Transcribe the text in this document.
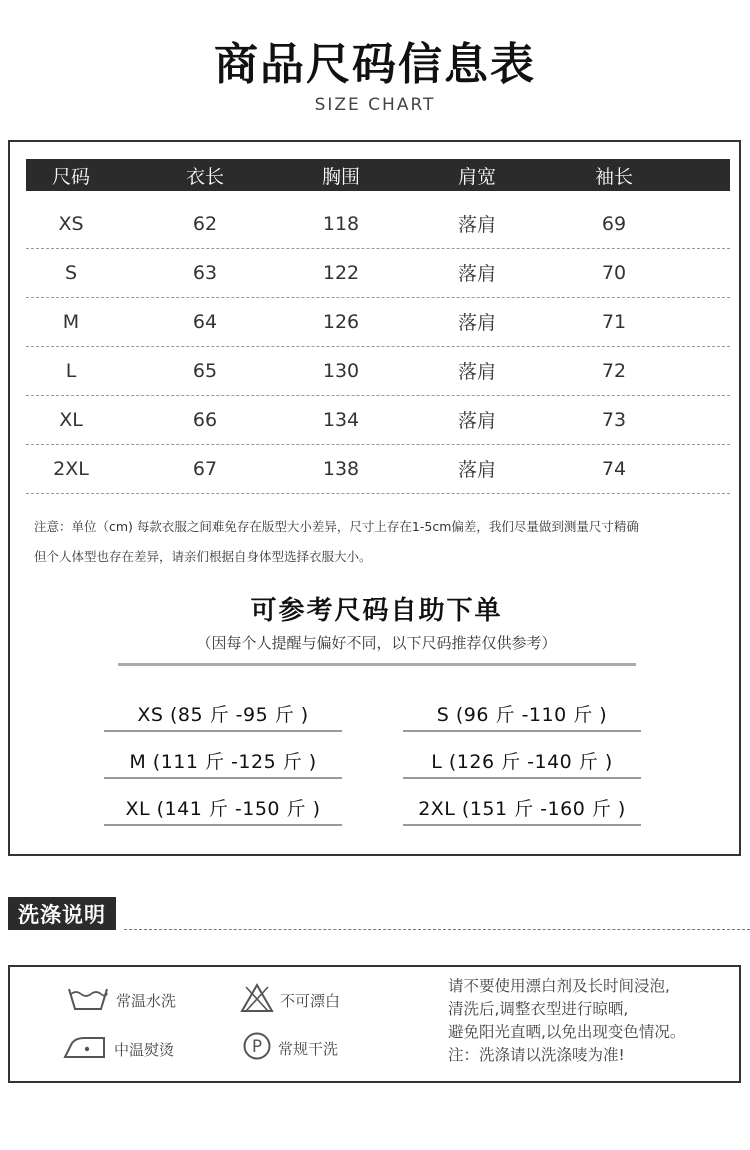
商品尺码信息表
SIZE CHART
尺码	衣长	胸围	肩宽	袖长
XS	62	118	落肩	69
S	63	122	落肩	70
M	64	126	落肩	71
L	65	130	落肩	72
XL	66	134	落肩	73
2XL	67	138	落肩	74
注意：单位（cm) 每款衣服之间难免存在版型大小差异，尺寸上存在1-5cm偏差，我们尽量做到测量尺寸精确
但个人体型也存在差异，请亲们根据自身体型选择衣服大小。
可参考尺码自助下单
（因每个人提醒与偏好不同，以下尺码推荐仅供参考）
XS (85 斤 -95 斤 )	S (96 斤 -110 斤 )
M (111 斤 -125 斤 )	L (126 斤 -140 斤 )
XL (141 斤 -150 斤 )	2XL (151 斤 -160 斤 )
洗涤说明
常温水洗	不可漂白
中温熨烫	P 常规干洗
请不要使用漂白剂及长时间浸泡,
清洗后,调整衣型进行晾晒,
避免阳光直晒,以免出现变色情况。
注：洗涤请以洗涤唛为准!
